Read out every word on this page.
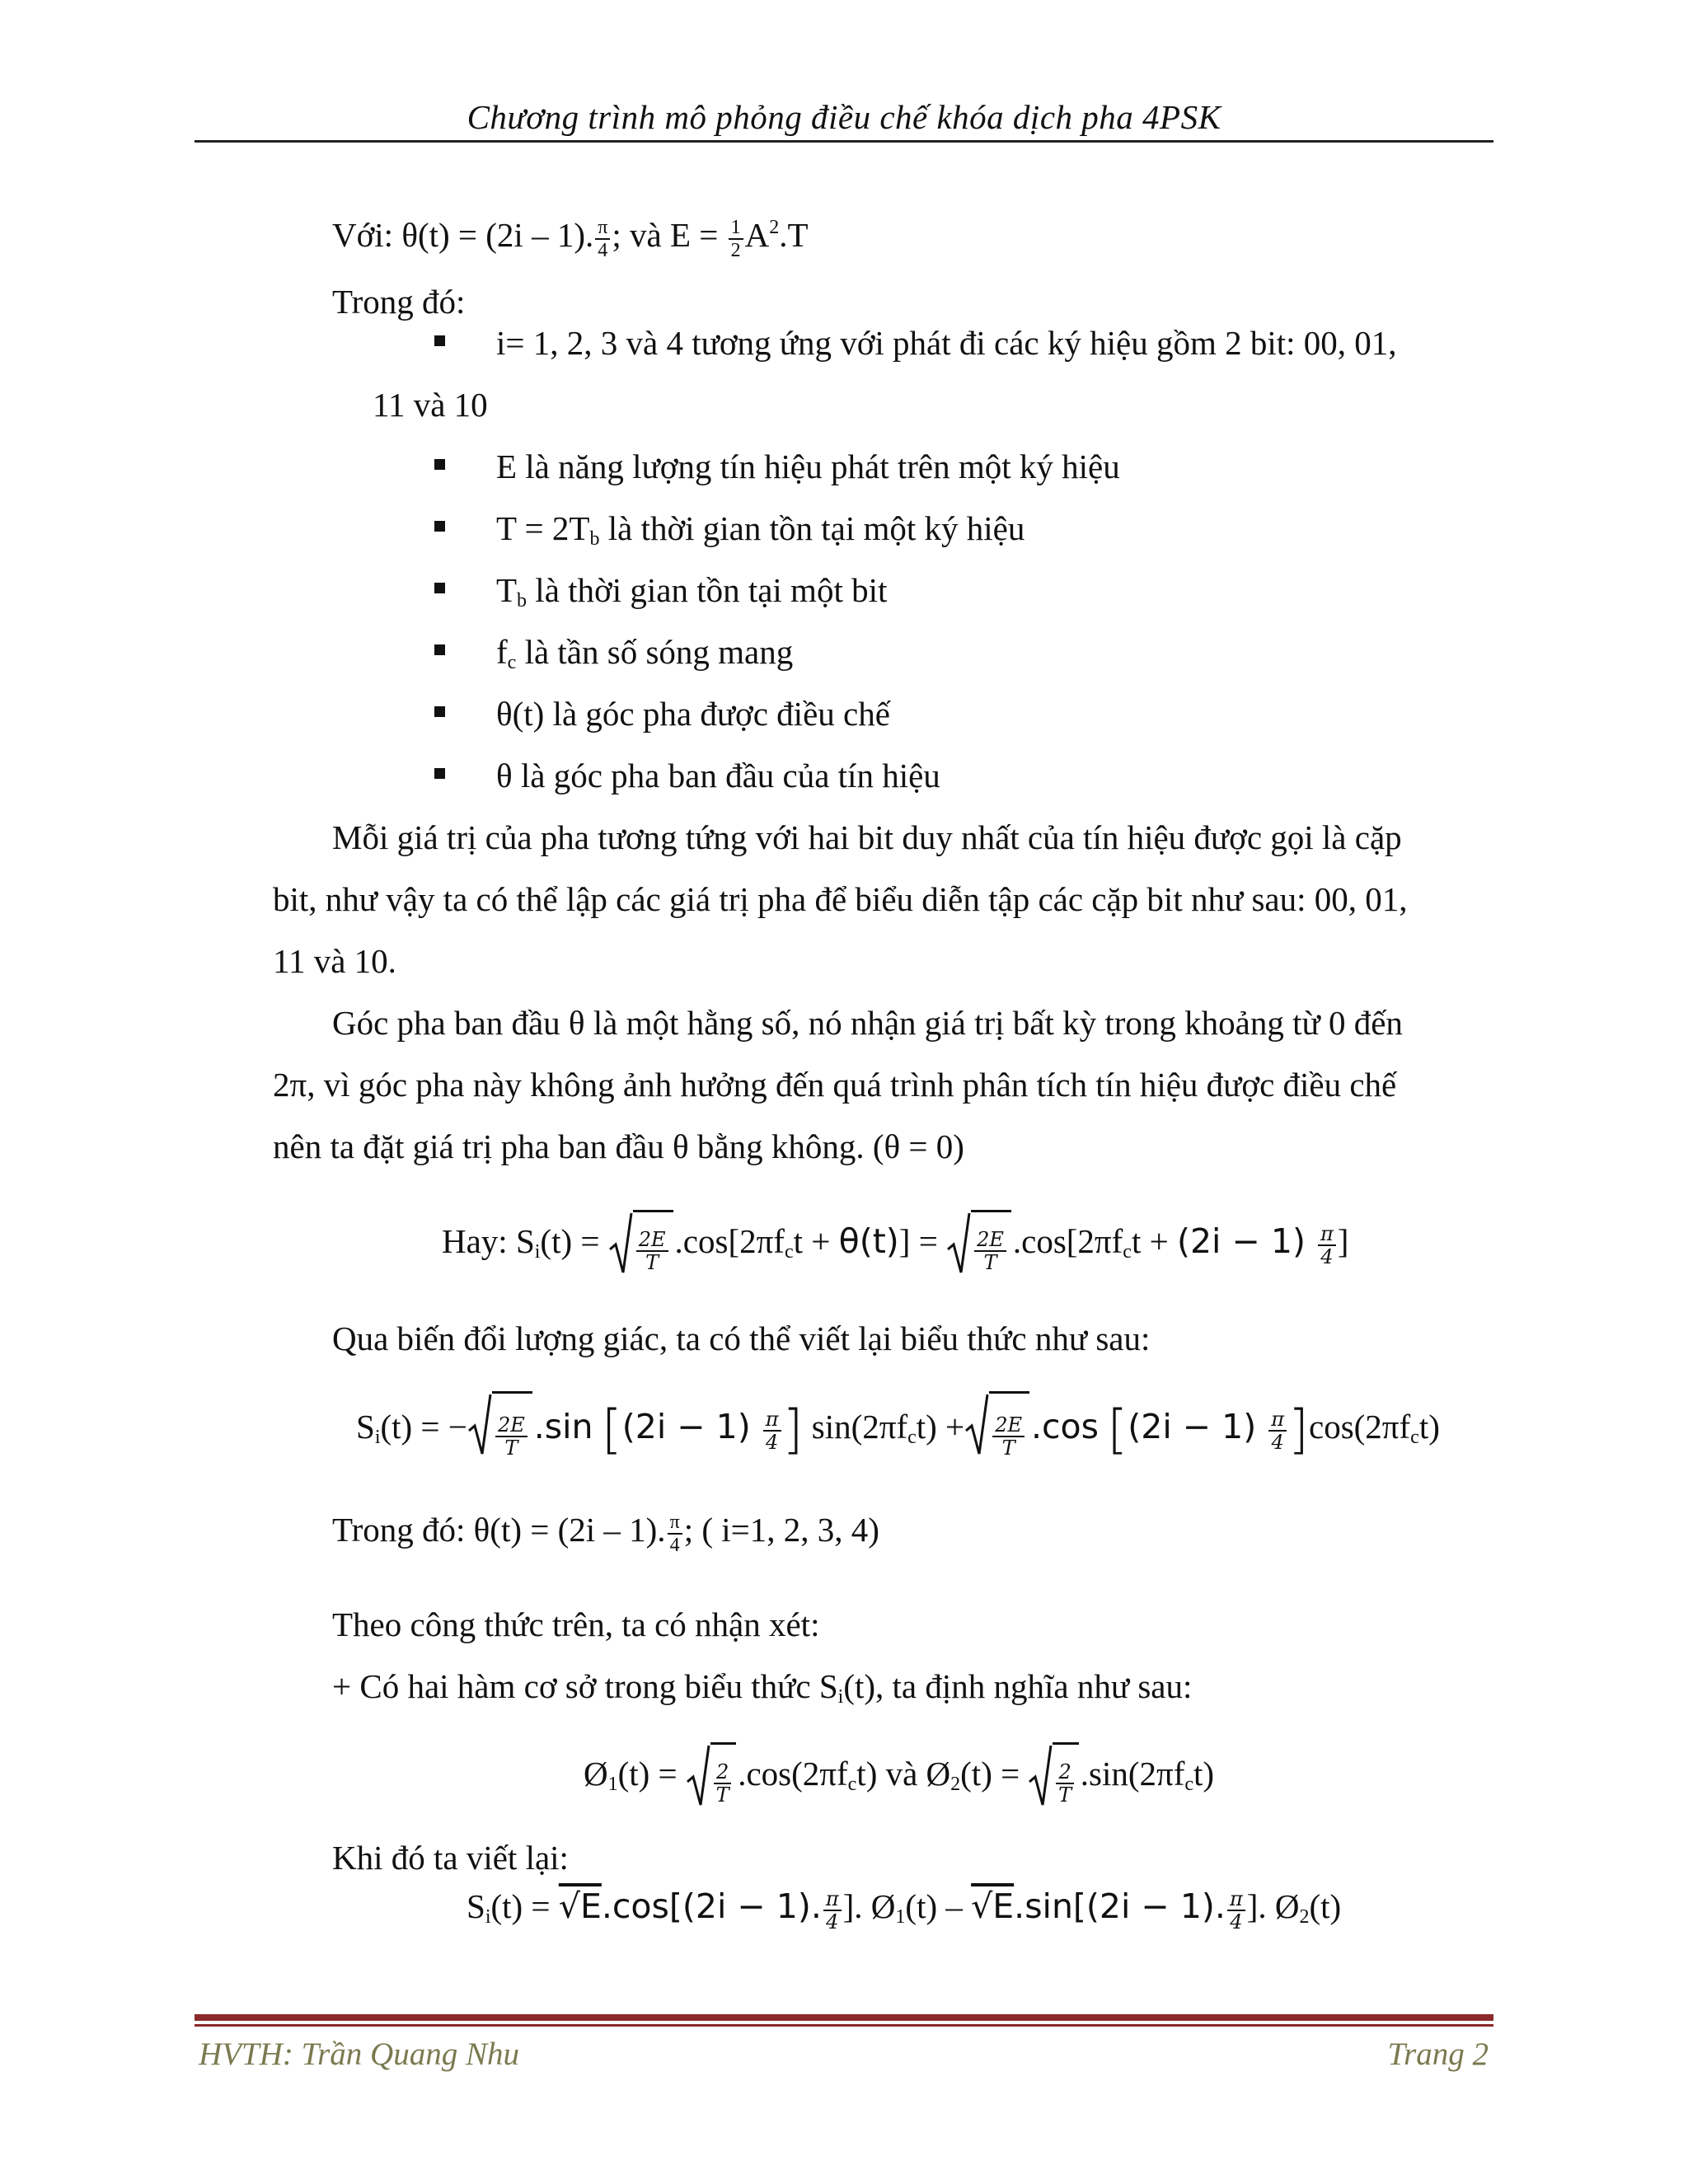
Chương trình mô phỏng điều chế khóa dịch pha 4PSK
Với: θ(t) = (2i – 1). $\frac{\pi}{4}$ ; và $E = \frac{1}{2} A^2.T$
Trong đó:
i= 1, 2, 3 và 4 tương ứng với phát đi các ký hiệu gồm 2 bit: 00, 01,
11 và 10
E là năng lượng tín hiệu phát trên một ký hiệu
$T = 2T_b$ là thời gian tồn tại một ký hiệu
$T_b$ là thời gian tồn tại một bit
$f_c$ là tần số sóng mang
θ(t) là góc pha được điều chế
θ là góc pha ban đầu của tín hiệu
Mỗi giá trị của pha tương tứng với hai bit duy nhất của tín hiệu được gọi là cặp
bit, như vậy ta có thể lập các giá trị pha để biểu diễn tập các cặp bit như sau: 00, 01,
11 và 10.
Góc pha ban đầu θ là một hằng số, nó nhận giá trị bất kỳ trong khoảng từ 0 đến
2π, vì góc pha này không ảnh hưởng đến quá trình phân tích tín hiệu được điều chế
nên ta đặt giá trị pha ban đầu θ bằng không. (θ = 0)
Hay: $S_i(t) = \frac{2E}{T} .\cos[2\pi f_ct + \theta(t)] = \frac{2E}{T} .\cos[2\pi f_ct + (2i - 1) \frac{\pi}{4}$ ]
Qua biến đổi lượng giác, ta có thể viết lại biểu thức như sau:
$S_i(t)$ = − $\frac{2E}{T} .\sin$ [$(2i - 1) \frac{\pi}{4}$ ] $\sin(2\pi f_ct) + \frac{2E}{T} .\cos$ $[(2i - 1) \frac{\pi}{4} ]\cos(2\pi f_ct)$
Trong đó: θ(t) = (2i – 1). $\frac{\pi}{4}$ ; ( i=1, 2, 3, 4)
Theo công thức trên, ta có nhận xét:
+ Có hai hàm cơ sở trong biểu thức $S_i(t)$, ta định nghĩa như sau:
$Ø_1(t) = \frac{2}{T} .\cos(2\pi f_ct)$ và $Ø_2(t) = \frac{2}{T} .\sin(2\pi f_ct)$
Khi đó ta viết lại:
$S_i(t) = √E.\cos[(2i - 1)$. $\frac{\pi}{4}$ ]. $Ø_1(t) - √E.\sin[(2i - 1)$. $\frac{\pi}{4}$ ]. $Ø_2(t)$
HVTH: Trần Quang Nhu	Trang 2
